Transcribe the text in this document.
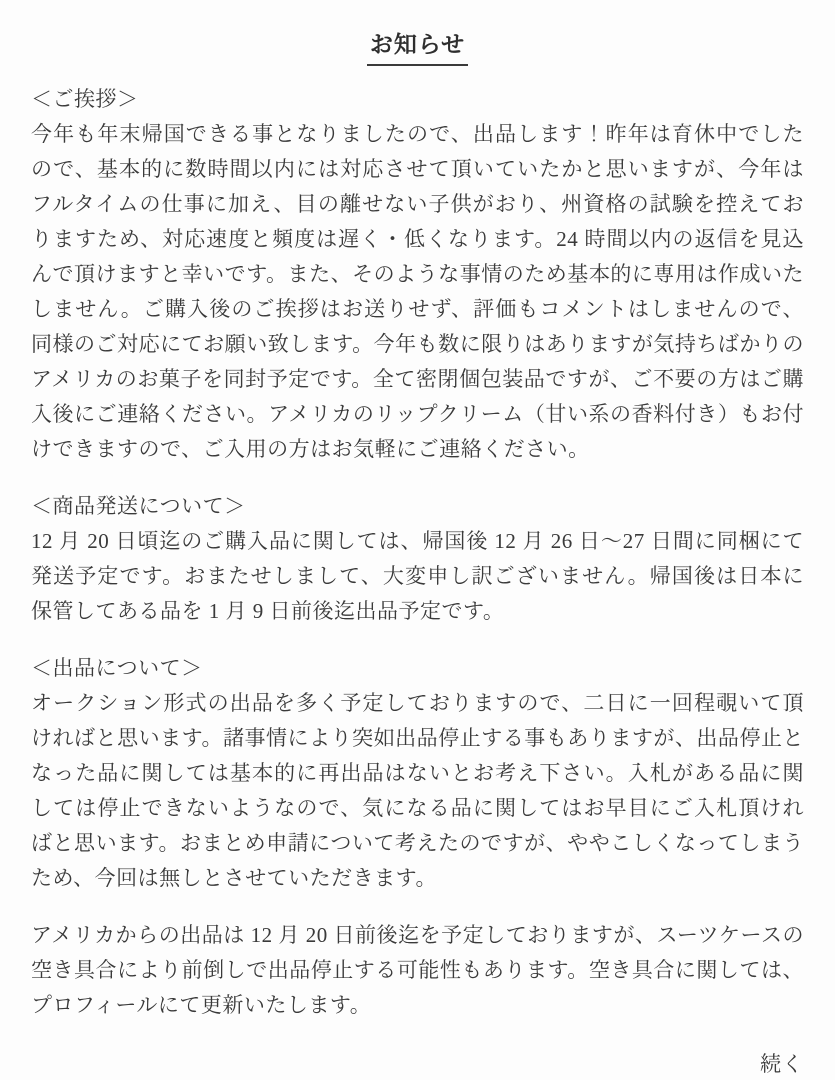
お知らせ
＜ご挨拶＞

今年も年末帰国できる事となりましたので、出品します！昨年は育休中でしたので、基本的に数時間以内には対応させて頂いていたかと思いますが、今年はフルタイムの仕事に加え、目の離せない子供がおり、州資格の試験を控えておりますため、対応速度と頻度は遅く・低くなります。24 時間以内の返信を見込んで頂けますと幸いです。また、そのような事情のため基本的に専用は作成いたしません。ご購入後のご挨拶はお送りせず、評価もコメントはしませんので、同様のご対応にてお願い致します。今年も数に限りはありますが気持ちばかりのアメリカのお菓子を同封予定です。全て密閉個包装品ですが、ご不要の方はご購入後にご連絡ください。アメリカのリップクリーム（甘い系の香料付き）もお付けできますので、ご入用の方はお気軽にご連絡ください。

＜商品発送について＞

12 月 20 日頃迄のご購入品に関しては、帰国後 12 月 26 日～27 日間に同梱にて発送予定です。おまたせしまして、大変申し訳ございません。帰国後は日本に保管してある品を 1 月 9 日前後迄出品予定です。

＜出品について＞

オークション形式の出品を多く予定しておりますので、二日に一回程覗いて頂ければと思います。諸事情により突如出品停止する事もありますが、出品停止となった品に関しては基本的に再出品はないとお考え下さい。入札がある品に関しては停止できないようなので、気になる品に関してはお早目にご入札頂ければと思います。おまとめ申請について考えたのですが、ややこしくなってしまうため、今回は無しとさせていただきます。

アメリカからの出品は 12 月 20 日前後迄を予定しておりますが、スーツケースの空き具合により前倒しで出品停止する可能性もあります。空き具合に関しては、プロフィールにて更新いたします。

続く
